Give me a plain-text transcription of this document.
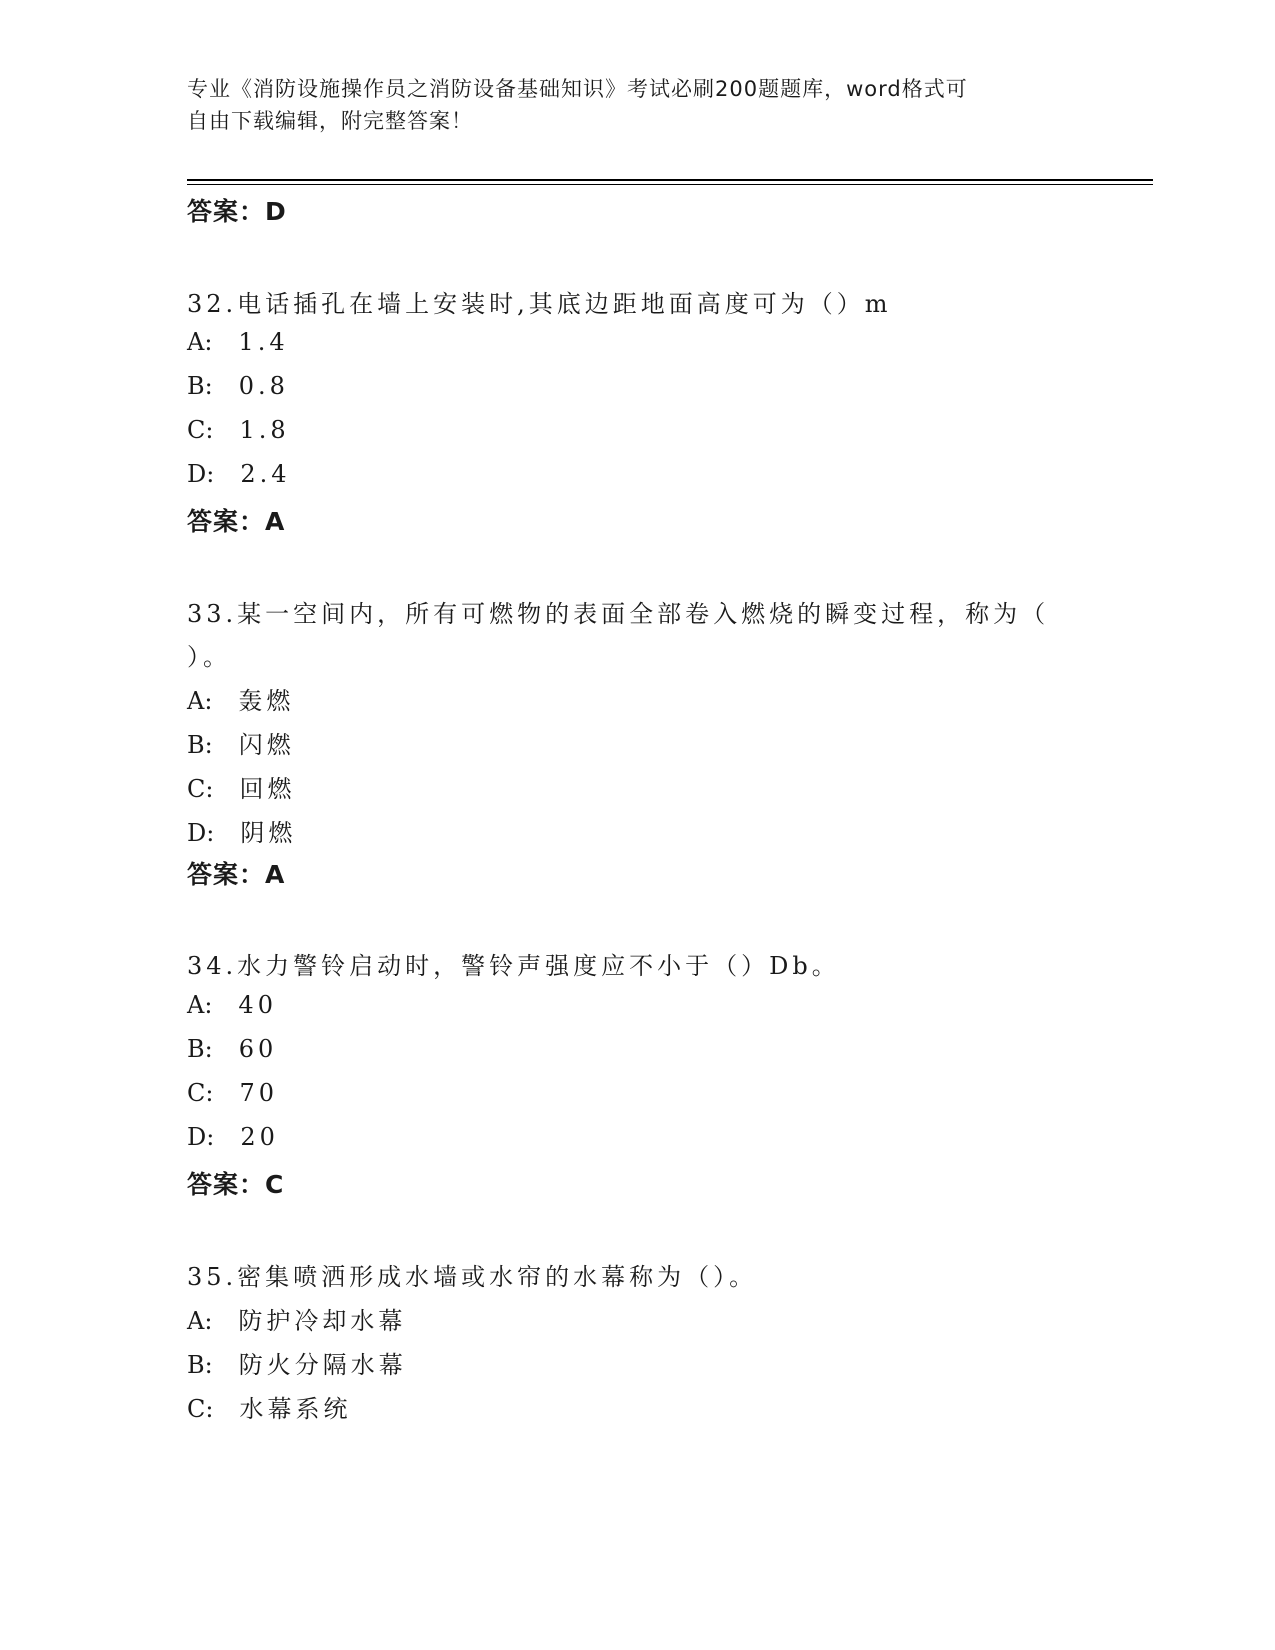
专业《消防设施操作员之消防设备基础知识》考试必刷200题题库，word格式可
自由下载编辑，附完整答案！
答案：D
32.电话插孔在墙上安装时,其底边距地面高度可为（）m
A: 1.4
B: 0.8
C: 1.8
D: 2.4
答案：A
33.某一空间内，所有可燃物的表面全部卷入燃烧的瞬变过程，称为（
）。
A: 轰燃
B: 闪燃
C: 回燃
D: 阴燃
答案：A
34.水力警铃启动时，警铃声强度应不小于（）Db。
A: 40
B: 60
C: 70
D: 20
答案：C
35.密集喷洒形成水墙或水帘的水幕称为（）。
A: 防护冷却水幕
B: 防火分隔水幕
C: 水幕系统
